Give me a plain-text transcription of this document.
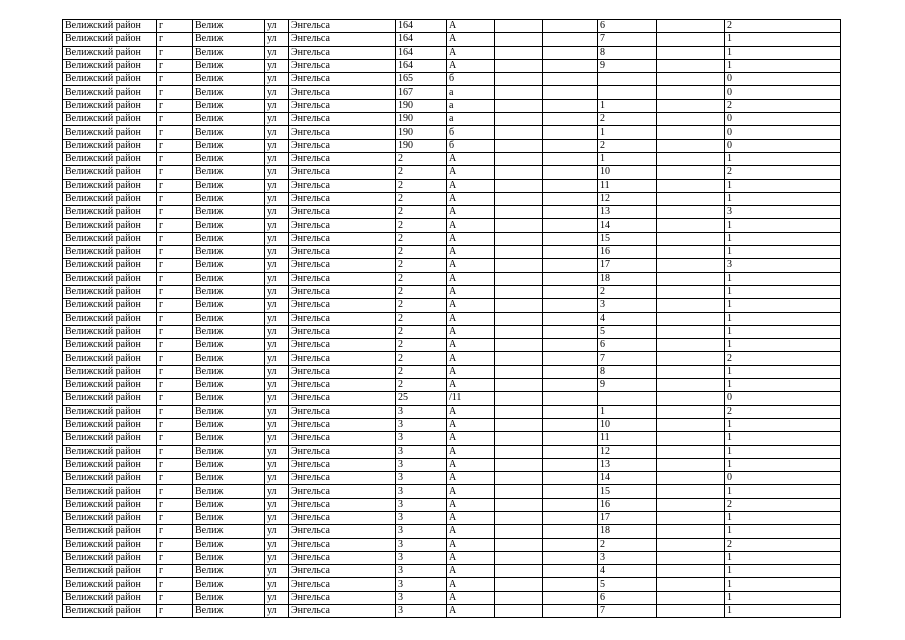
Велижский район	г	Велиж	ул	Энгельса	164	А			6		2
Велижский район	г	Велиж	ул	Энгельса	164	А			7		1
Велижский район	г	Велиж	ул	Энгельса	164	А			8		1
Велижский район	г	Велиж	ул	Энгельса	164	А			9		1
Велижский район	г	Велиж	ул	Энгельса	165	б					0
Велижский район	г	Велиж	ул	Энгельса	167	а					0
Велижский район	г	Велиж	ул	Энгельса	190	а			1		2
Велижский район	г	Велиж	ул	Энгельса	190	а			2		0
Велижский район	г	Велиж	ул	Энгельса	190	б			1		0
Велижский район	г	Велиж	ул	Энгельса	190	б			2		0
Велижский район	г	Велиж	ул	Энгельса	2	А			1		1
Велижский район	г	Велиж	ул	Энгельса	2	А			10		2
Велижский район	г	Велиж	ул	Энгельса	2	А			11		1
Велижский район	г	Велиж	ул	Энгельса	2	А			12		1
Велижский район	г	Велиж	ул	Энгельса	2	А			13		3
Велижский район	г	Велиж	ул	Энгельса	2	А			14		1
Велижский район	г	Велиж	ул	Энгельса	2	А			15		1
Велижский район	г	Велиж	ул	Энгельса	2	А			16		1
Велижский район	г	Велиж	ул	Энгельса	2	А			17		3
Велижский район	г	Велиж	ул	Энгельса	2	А			18		1
Велижский район	г	Велиж	ул	Энгельса	2	А			2		1
Велижский район	г	Велиж	ул	Энгельса	2	А			3		1
Велижский район	г	Велиж	ул	Энгельса	2	А			4		1
Велижский район	г	Велиж	ул	Энгельса	2	А			5		1
Велижский район	г	Велиж	ул	Энгельса	2	А			6		1
Велижский район	г	Велиж	ул	Энгельса	2	А			7		2
Велижский район	г	Велиж	ул	Энгельса	2	А			8		1
Велижский район	г	Велиж	ул	Энгельса	2	А			9		1
Велижский район	г	Велиж	ул	Энгельса	25	/11					0
Велижский район	г	Велиж	ул	Энгельса	3	А			1		2
Велижский район	г	Велиж	ул	Энгельса	3	А			10		1
Велижский район	г	Велиж	ул	Энгельса	3	А			11		1
Велижский район	г	Велиж	ул	Энгельса	3	А			12		1
Велижский район	г	Велиж	ул	Энгельса	3	А			13		1
Велижский район	г	Велиж	ул	Энгельса	3	А			14		0
Велижский район	г	Велиж	ул	Энгельса	3	А			15		1
Велижский район	г	Велиж	ул	Энгельса	3	А			16		2
Велижский район	г	Велиж	ул	Энгельса	3	А			17		1
Велижский район	г	Велиж	ул	Энгельса	3	А			18		1
Велижский район	г	Велиж	ул	Энгельса	3	А			2		2
Велижский район	г	Велиж	ул	Энгельса	3	А			3		1
Велижский район	г	Велиж	ул	Энгельса	3	А			4		1
Велижский район	г	Велиж	ул	Энгельса	3	А			5		1
Велижский район	г	Велиж	ул	Энгельса	3	А			6		1
Велижский район	г	Велиж	ул	Энгельса	3	А			7		1
